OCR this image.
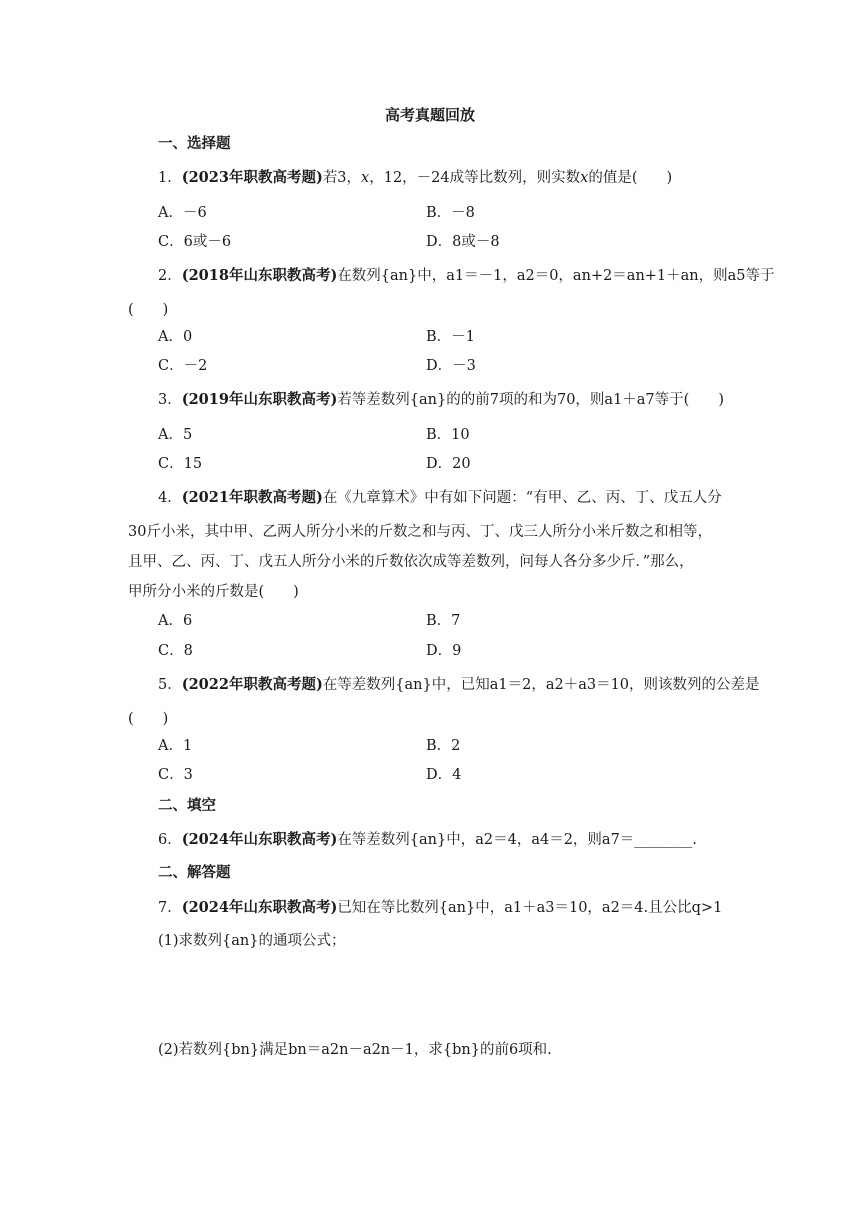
高考真题回放
一、选择题
1．(2023年职教高考题)若3，x，12，－24成等比数列，则实数x的值是(　　)
A．－6	B．－8
C．6或－6	D．8或－8
2．(2018年山东职教高考)在数列{an}中，a1＝－1，a2＝0，an+2＝an+1＋an，则a5等于
(　　)
A．0	B．－1
C．－2	D．－3
3．(2019年山东职教高考)若等差数列{an}的的前7项的和为70，则a1＋a7等于(　　)
A．5	B．10
C．15	D．20
4．(2021年职教高考题)在《九章算术》中有如下问题：“有甲、乙、丙、丁、戊五人分
30斤小米，其中甲、乙两人所分小米的斤数之和与丙、丁、戊三人所分小米斤数之和相等，
且甲、乙、丙、丁、戊五人所分小米的斤数依次成等差数列，问每人各分多少斤．”那么，
甲所分小米的斤数是(　　)
A．6	B．7
C．8	D．9
5．(2022年职教高考题)在等差数列{an}中，已知a1＝2，a2＋a3＝10，则该数列的公差是
(　　)
A．1	B．2
C．3	D．4
二、填空
6．(2024年山东职教高考)在等差数列{an}中，a2＝4，a4＝2，则a7＝________.
二、解答题
7．(2024年山东职教高考)已知在等比数列{an}中，a1＋a3＝10，a2＝4.且公比q>1
(1)求数列{an}的通项公式；
(2)若数列{bn}满足bn＝a2n－a2n－1，求{bn}的前6项和.
